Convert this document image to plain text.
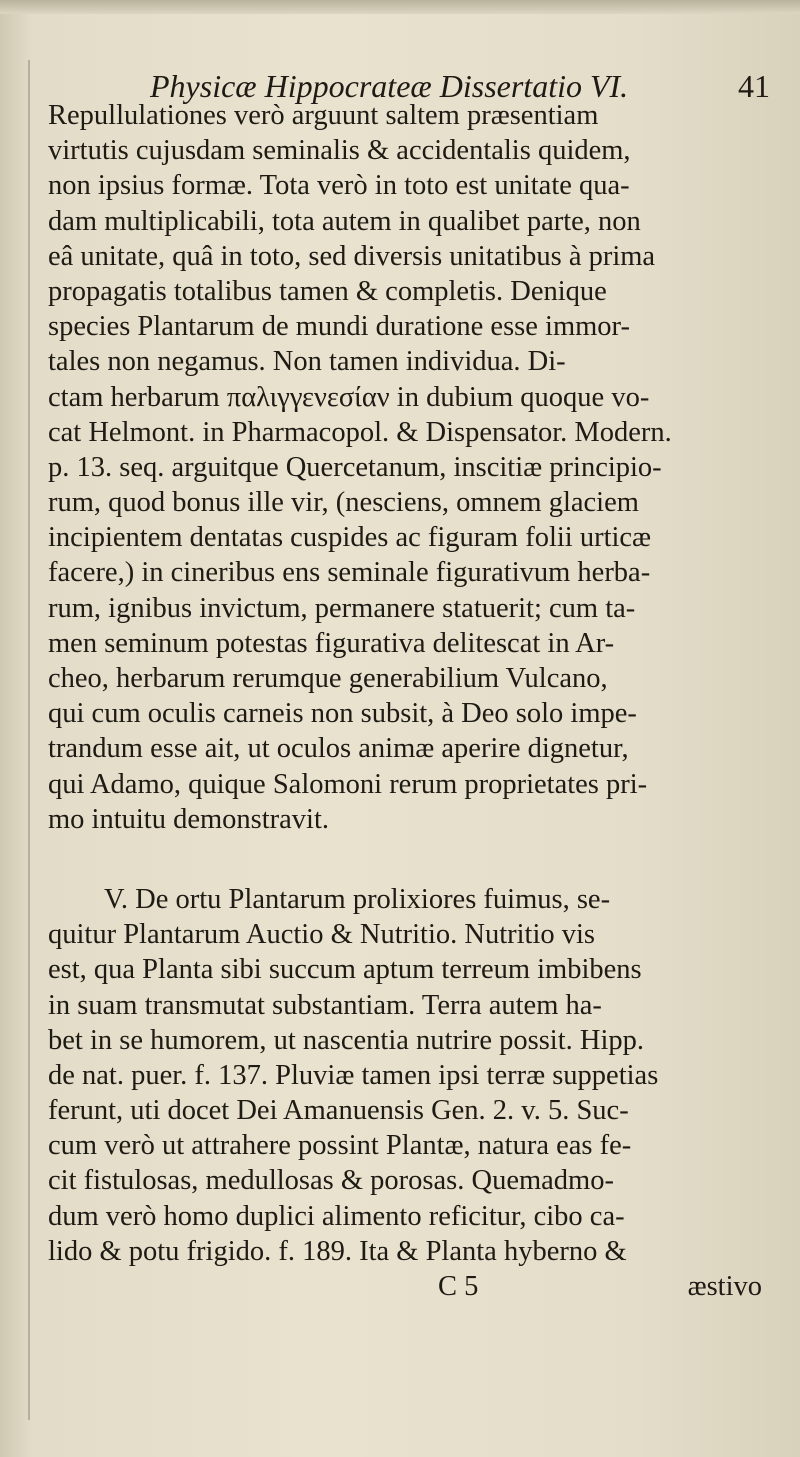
Physicæ Hippocrateæ Dissertatio VI.	41
Repullulationes verò arguunt saltem præsentiam
virtutis cujusdam seminalis & accidentalis quidem,
non ipsius formæ. Tota verò in toto est unitate qua-
dam multiplicabili, tota autem in qualibet parte, non
eâ unitate, quâ in toto, sed diversis unitatibus à prima
propagatis totalibus tamen & completis. Denique
species Plantarum de mundi duratione esse immor-
tales non negamus. Non tamen individua. Di-
ctam herbarum παλιγγενεσίαν in dubium quoque vo-
cat Helmont. in Pharmacopol. & Dispensator. Modern.
p. 13. seq. arguitque Quercetanum, inscitiæ principio-
rum, quod bonus ille vir, (nesciens, omnem glaciem
incipientem dentatas cuspides ac figuram folii urticæ
facere,) in cineribus ens seminale figurativum herba-
rum, ignibus invictum, permanere statuerit; cum ta-
men seminum potestas figurativa delitescat in Ar-
cheo, herbarum rerumque generabilium Vulcano,
qui cum oculis carneis non subsit, à Deo solo impe-
trandum esse ait, ut oculos animæ aperire dignetur,
qui Adamo, quique Salomoni rerum proprietates pri-
mo intuitu demonstravit.
V. De ortu Plantarum prolixiores fuimus, se-
quitur Plantarum Auctio & Nutritio. Nutritio vis
est, qua Planta sibi succum aptum terreum imbibens
in suam transmutat substantiam. Terra autem ha-
bet in se humorem, ut nascentia nutrire possit. Hipp.
de nat. puer. f. 137. Pluviæ tamen ipsi terræ suppetias
ferunt, uti docet Dei Amanuensis Gen. 2. v. 5. Suc-
cum verò ut attrahere possint Plantæ, natura eas fe-
cit fistulosas, medullosas & porosas. Quemadmo-
dum verò homo duplici alimento reficitur, cibo ca-
lido & potu frigido. f. 189. Ita & Planta hyberno &
C 5	æstivo
